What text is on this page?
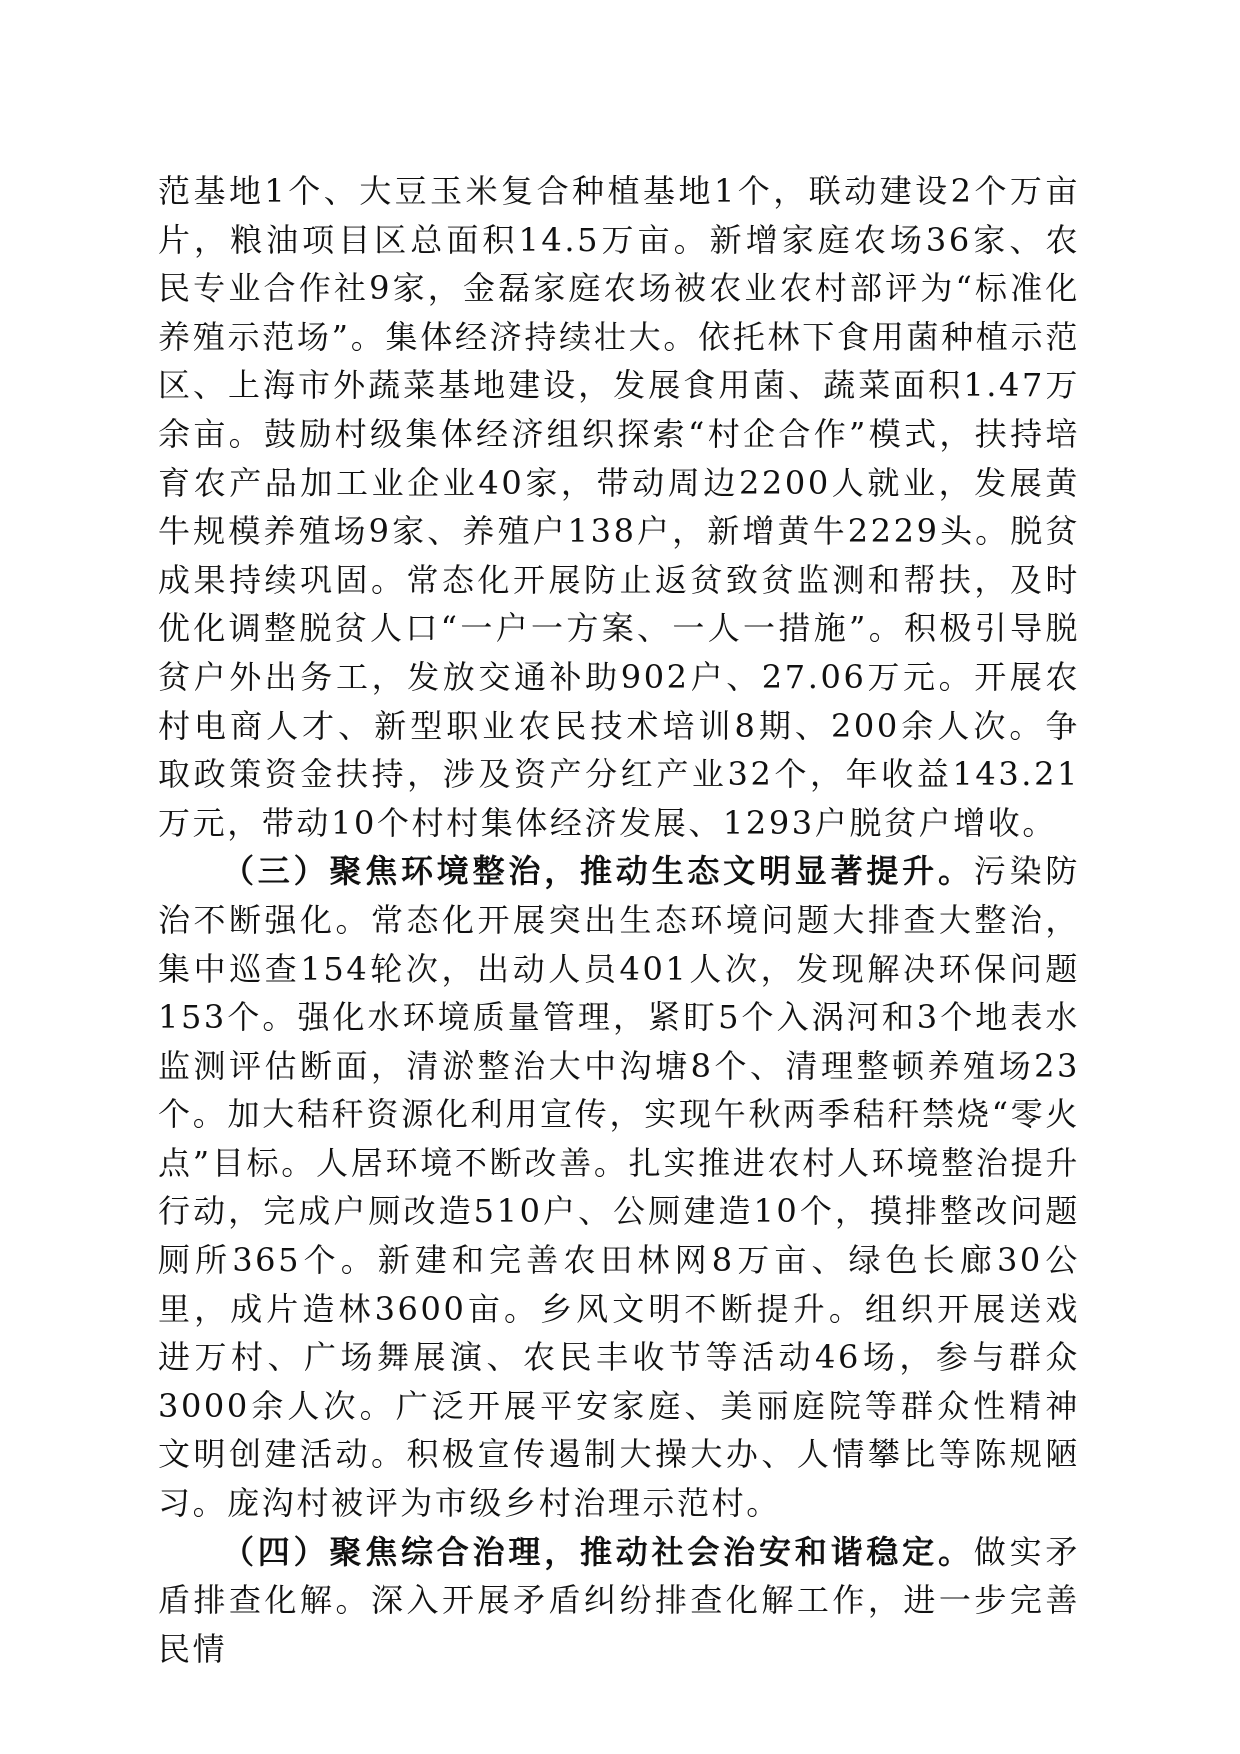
范基地1个、大豆玉米复合种植基地1个，联动建设2个万亩片，粮油项目区总面积14.5万亩。新增家庭农场36家、农民专业合作社9家，金磊家庭农场被农业农村部评为“标准化养殖示范场”。集体经济持续壮大。依托林下食用菌种植示范区、上海市外蔬菜基地建设，发展食用菌、蔬菜面积1.47万余亩。鼓励村级集体经济组织探索“村企合作”模式，扶持培育农产品加工业企业40家，带动周边2200人就业，发展黄牛规模养殖场9家、养殖户138户，新增黄牛2229头。脱贫成果持续巩固。常态化开展防止返贫致贫监测和帮扶，及时优化调整脱贫人口“一户一方案、一人一措施”。积极引导脱贫户外出务工，发放交通补助902户、27.06万元。开展农村电商人才、新型职业农民技术培训8期、200余人次。争取政策资金扶持，涉及资产分红产业32个，年收益143.21万元，带动10个村村集体经济发展、1293户脱贫户增收。

（三）聚焦环境整治，推动生态文明显著提升。污染防治不断强化。常态化开展突出生态环境问题大排查大整治，集中巡查154轮次，出动人员401人次，发现解决环保问题153个。强化水环境质量管理，紧盯5个入涡河和3个地表水监测评估断面，清淤整治大中沟塘8个、清理整顿养殖场23个。加大秸秆资源化利用宣传，实现午秋两季秸秆禁烧“零火点”目标。人居环境不断改善。扎实推进农村人环境整治提升行动，完成户厕改造510户、公厕建造10个，摸排整改问题厕所365个。新建和完善农田林网8万亩、绿色长廊30公里，成片造林3600亩。乡风文明不断提升。组织开展送戏进万村、广场舞展演、农民丰收节等活动46场，参与群众3000余人次。广泛开展平安家庭、美丽庭院等群众性精神文明创建活动。积极宣传遏制大操大办、人情攀比等陈规陋习。庞沟村被评为市级乡村治理示范村。

（四）聚焦综合治理，推动社会治安和谐稳定。做实矛盾排查化解。深入开展矛盾纠纷排查化解工作，进一步完善民情
